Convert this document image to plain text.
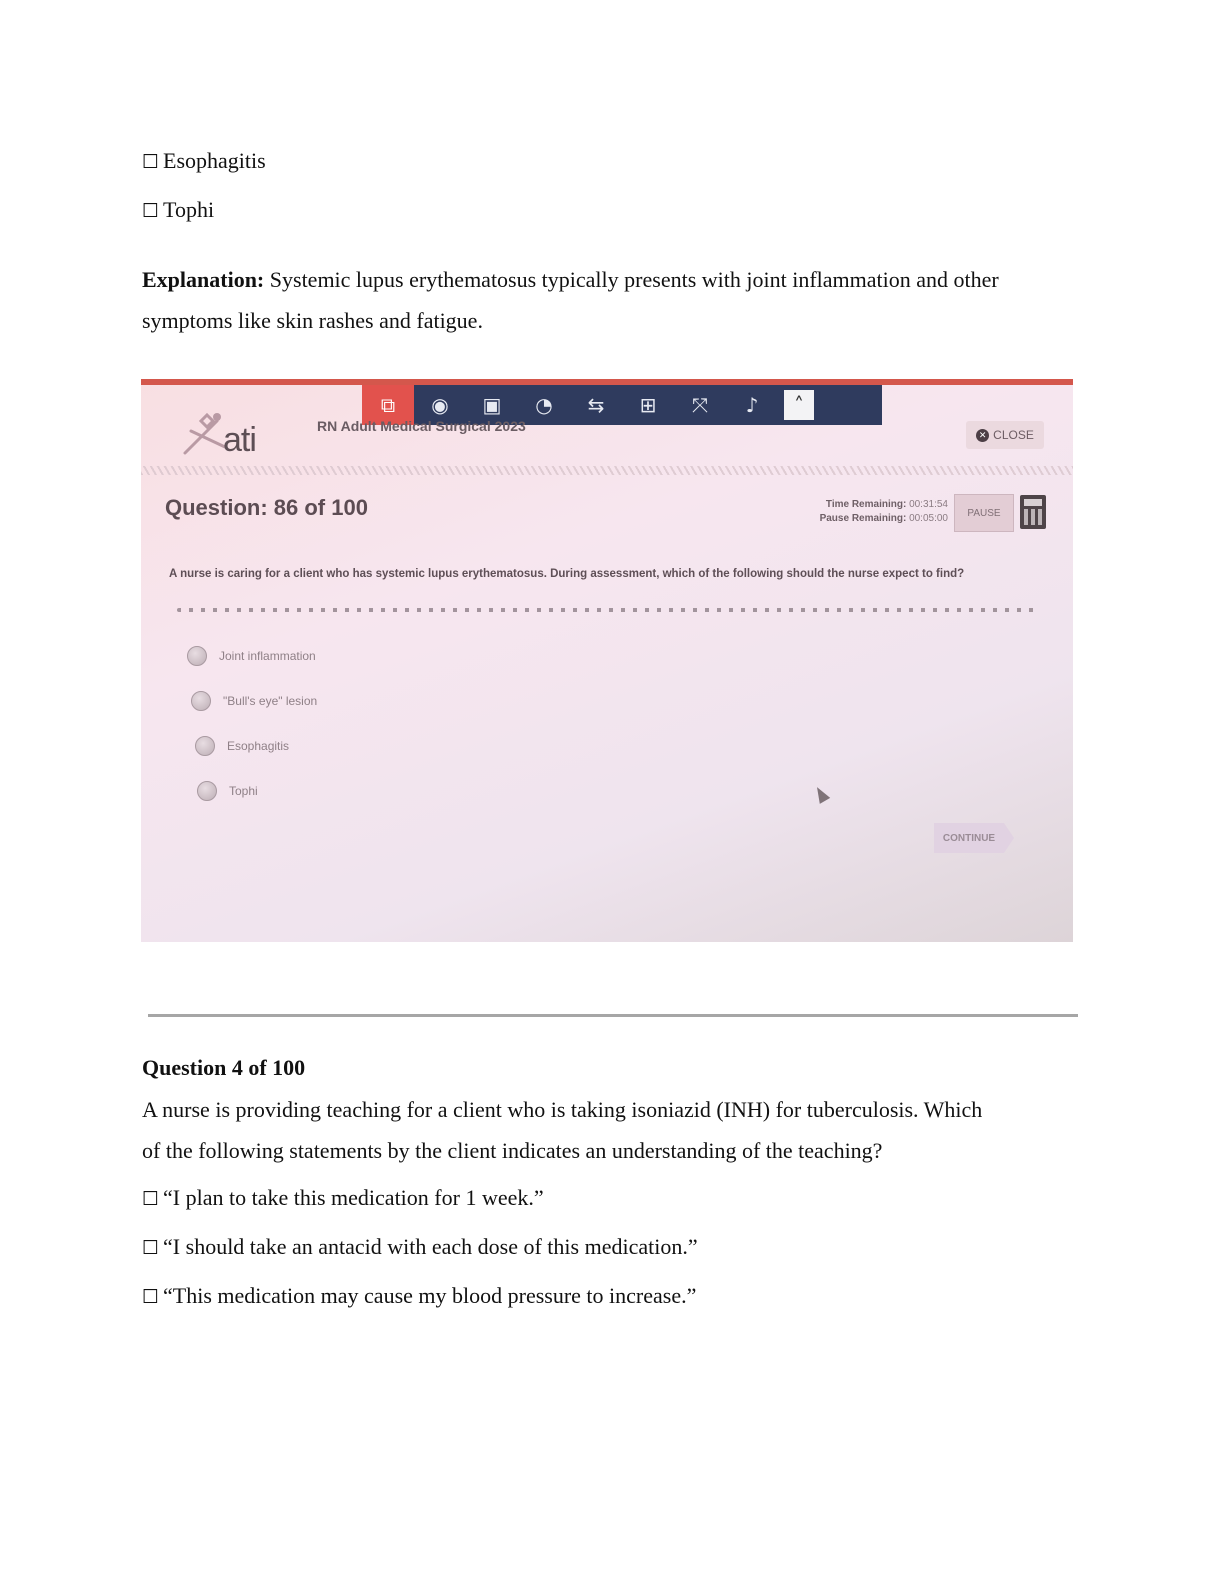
☐ Esophagitis
☐ Tophi
Explanation: Systemic lupus erythematosus typically presents with joint inflammation and other
symptoms like skin rashes and fatigue.
⧉	◉	▣	◔	⇆	⊞	⤧	♪	˄
ati	RN Adult Medical Surgical 2023
✕ CLOSE
Question: 86 of 100	Time Remaining: 00:31:54
Pause Remaining: 00:05:00	PAUSE
A nurse is caring for a client who has systemic lupus erythematosus. During assessment, which of the following should the nurse expect to find?
Joint inflammation
"Bull's eye" lesion
Esophagitis
Tophi
CONTINUE
Question 4 of 100
A nurse is providing teaching for a client who is taking isoniazid (INH) for tuberculosis. Which
of the following statements by the client indicates an understanding of the teaching?
☐ “I plan to take this medication for 1 week.”
☐ “I should take an antacid with each dose of this medication.”
☐ “This medication may cause my blood pressure to increase.”
